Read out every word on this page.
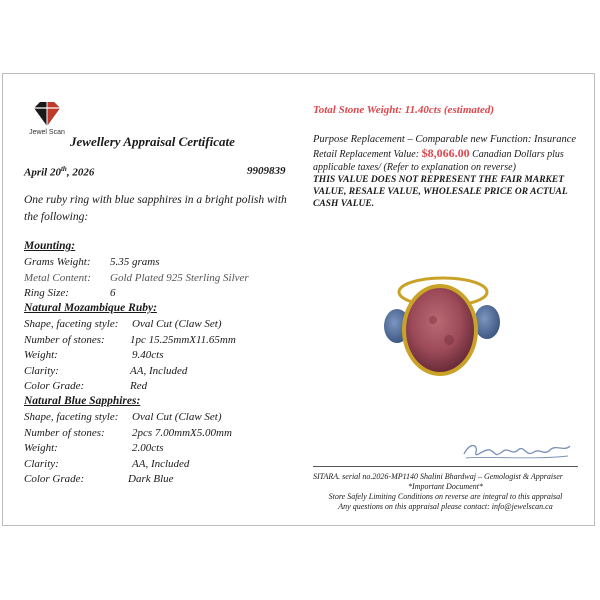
Jewel Scan
Jewellery Appraisal Certificate
April 20th, 2026	9909839
One ruby ring with blue sapphires in a bright polish with the following:
Mounting:
Grams Weight: 5.35 grams
Metal Content: Gold Plated 925 Sterling Silver
Ring Size:	6
Natural Mozambique Ruby:
Shape, faceting style: Oval Cut (Claw Set)
Number of stones: 1pc 15.25mmX11.65mm
Weight:	9.40cts
Clarity:	AA, Included
Color Grade:	Red
Natural Blue Sapphires:
Shape, faceting style: Oval Cut (Claw Set)
Number of stones: 2pcs 7.00mmX5.00mm
Weight:	2.00cts
Clarity:	AA, Included
Color Grade:	Dark Blue
Total Stone Weight: 11.40cts (estimated)
Purpose Replacement – Comparable new Function: Insurance
Retail Replacement Value: $8,066.00 Canadian Dollars plus applicable taxes/ (Refer to explanation on reverse)
THIS VALUE DOES NOT REPRESENT THE FAIR MARKET VALUE, RESALE VALUE, WHOLESALE PRICE OR ACTUAL CASH VALUE.
SITARA. serial no.2026-MP1140 Shalini Bhardwaj – Gemologist & Appraiser
*Important Document*
Store Safely Limiting Conditions on reverse are integral to this appraisal
Any questions on this appraisal please contact: info@jewelscan.ca
